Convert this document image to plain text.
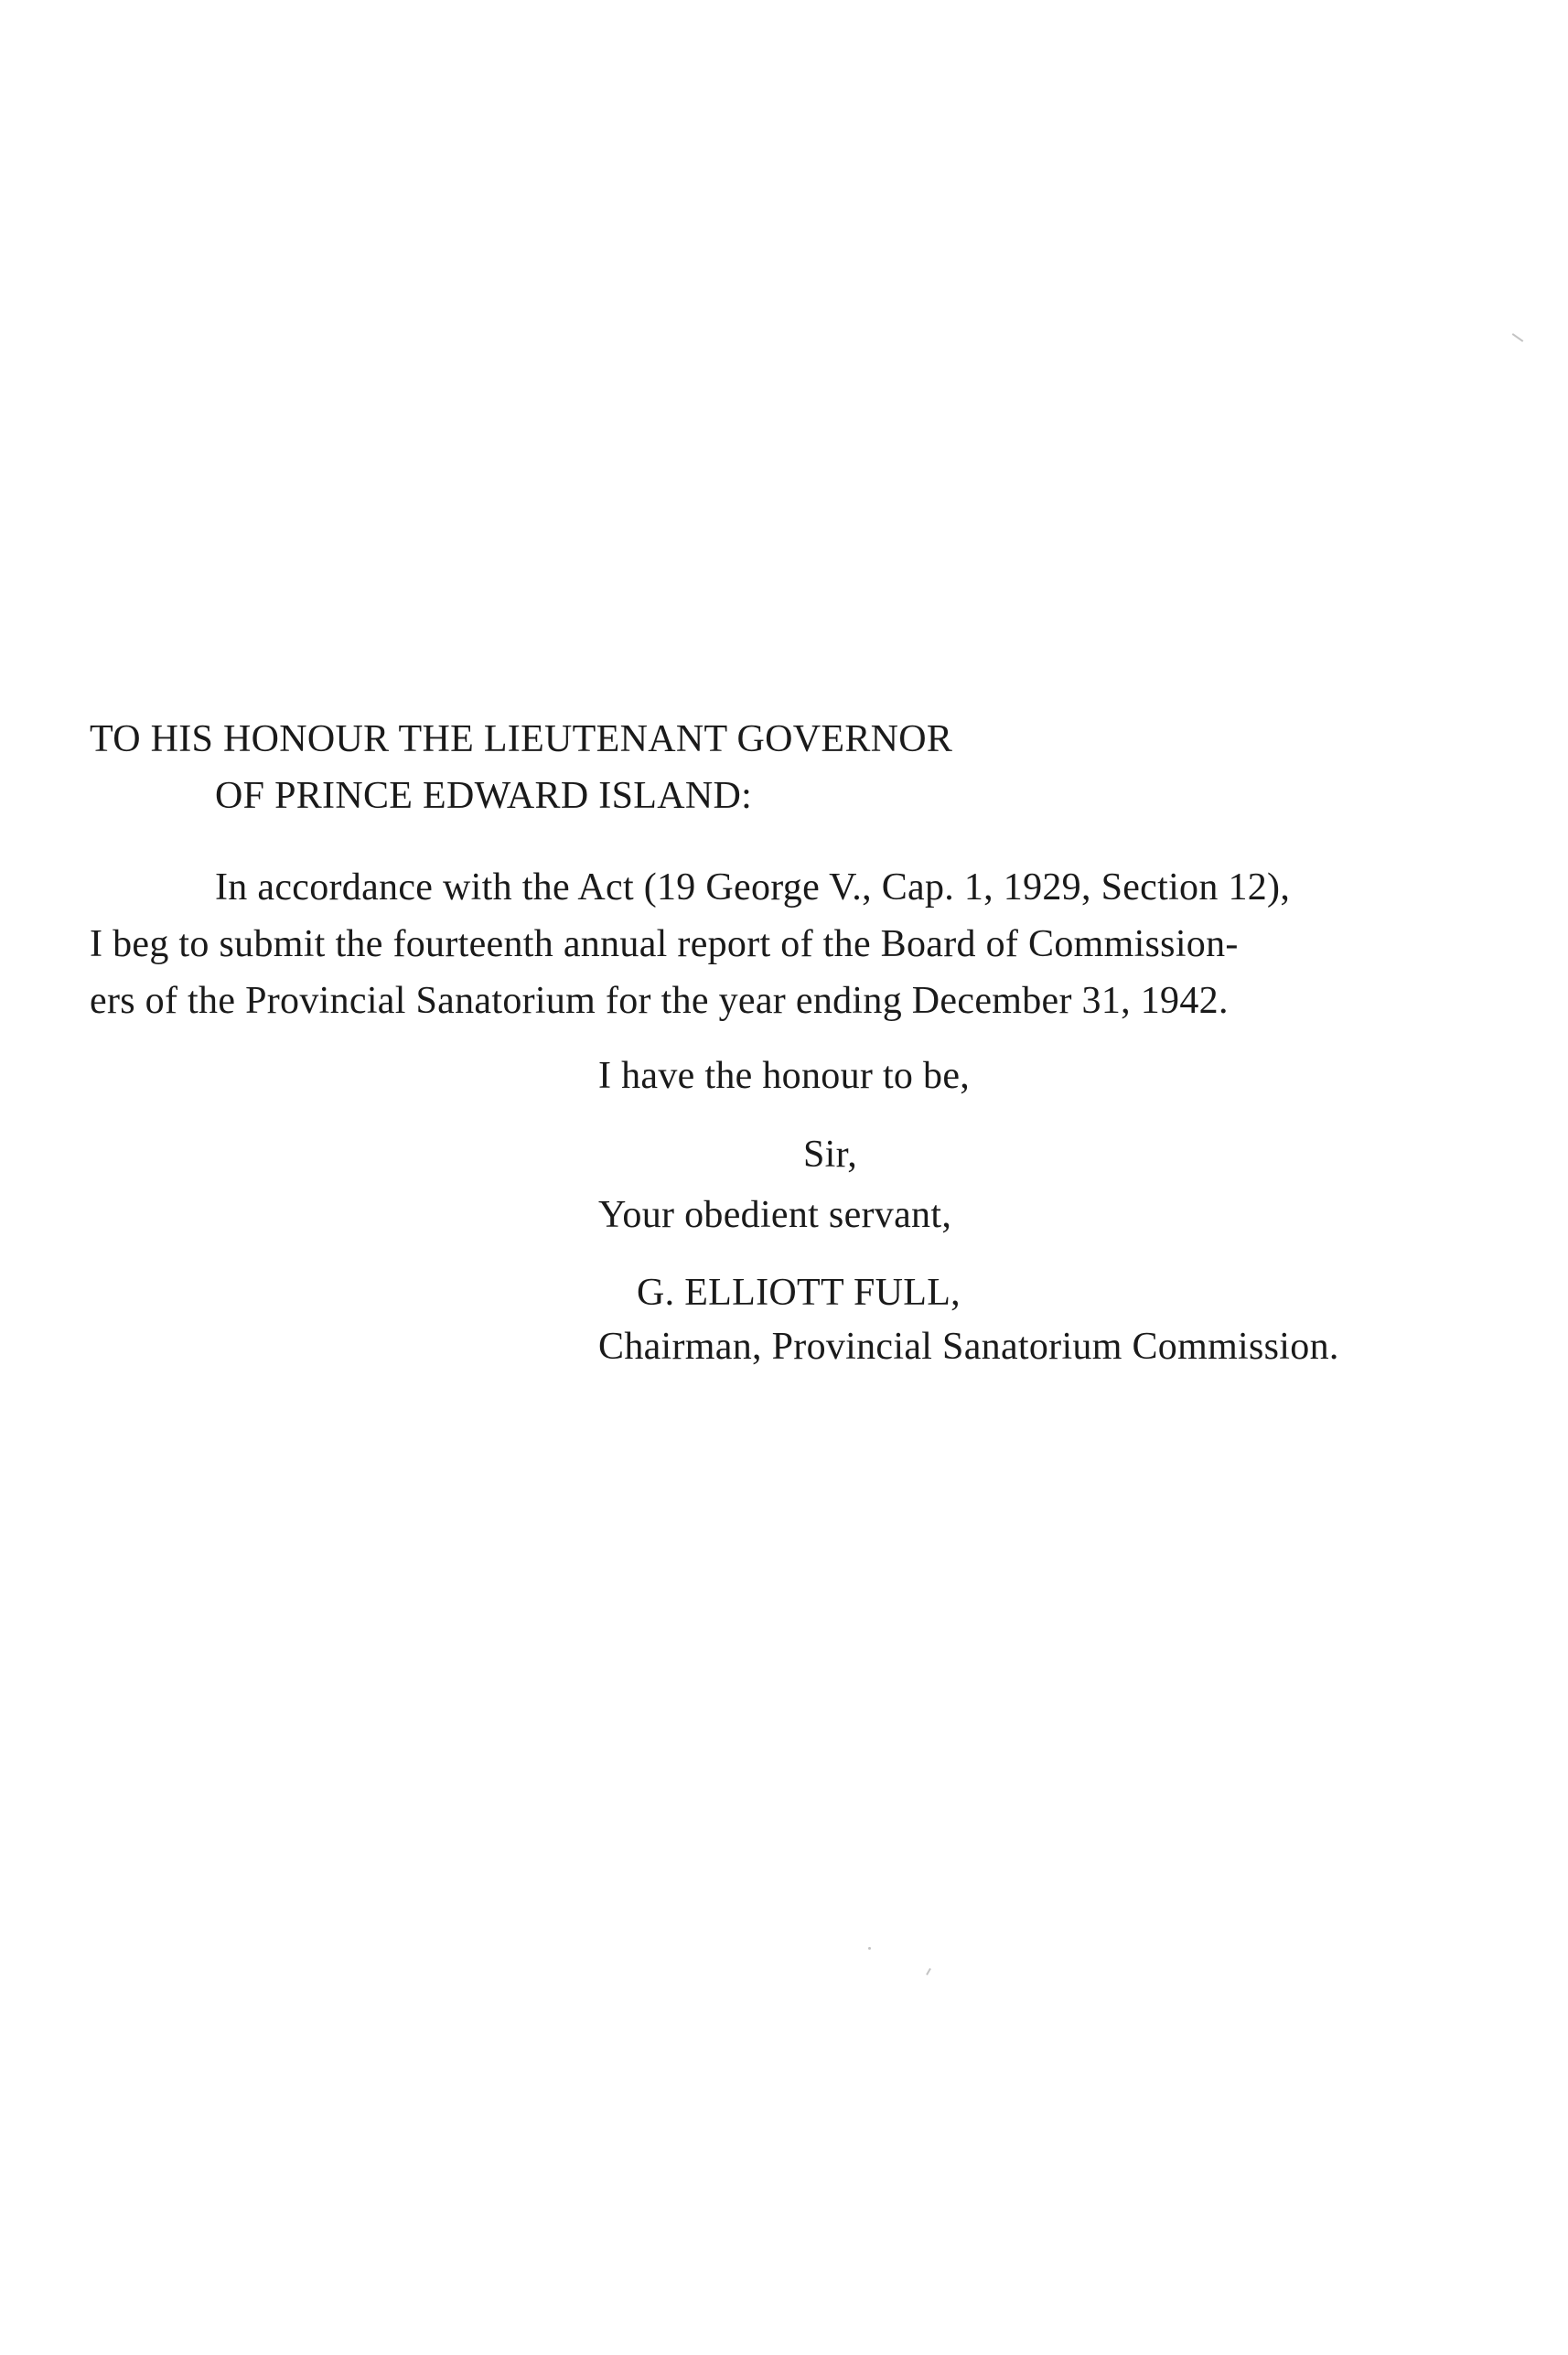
TO HIS HONOUR THE LIEUTENANT GOVERNOR
OF PRINCE EDWARD ISLAND:
In accordance with the Act (19 George V., Cap. 1, 1929, Section 12),
I beg to submit the fourteenth annual report of the Board of Commission-
ers of the Provincial Sanatorium for the year ending December 31, 1942.
I have the honour to be,
Sir,
Your obedient servant,
G. ELLIOTT FULL,
Chairman, Provincial Sanatorium Commission.
